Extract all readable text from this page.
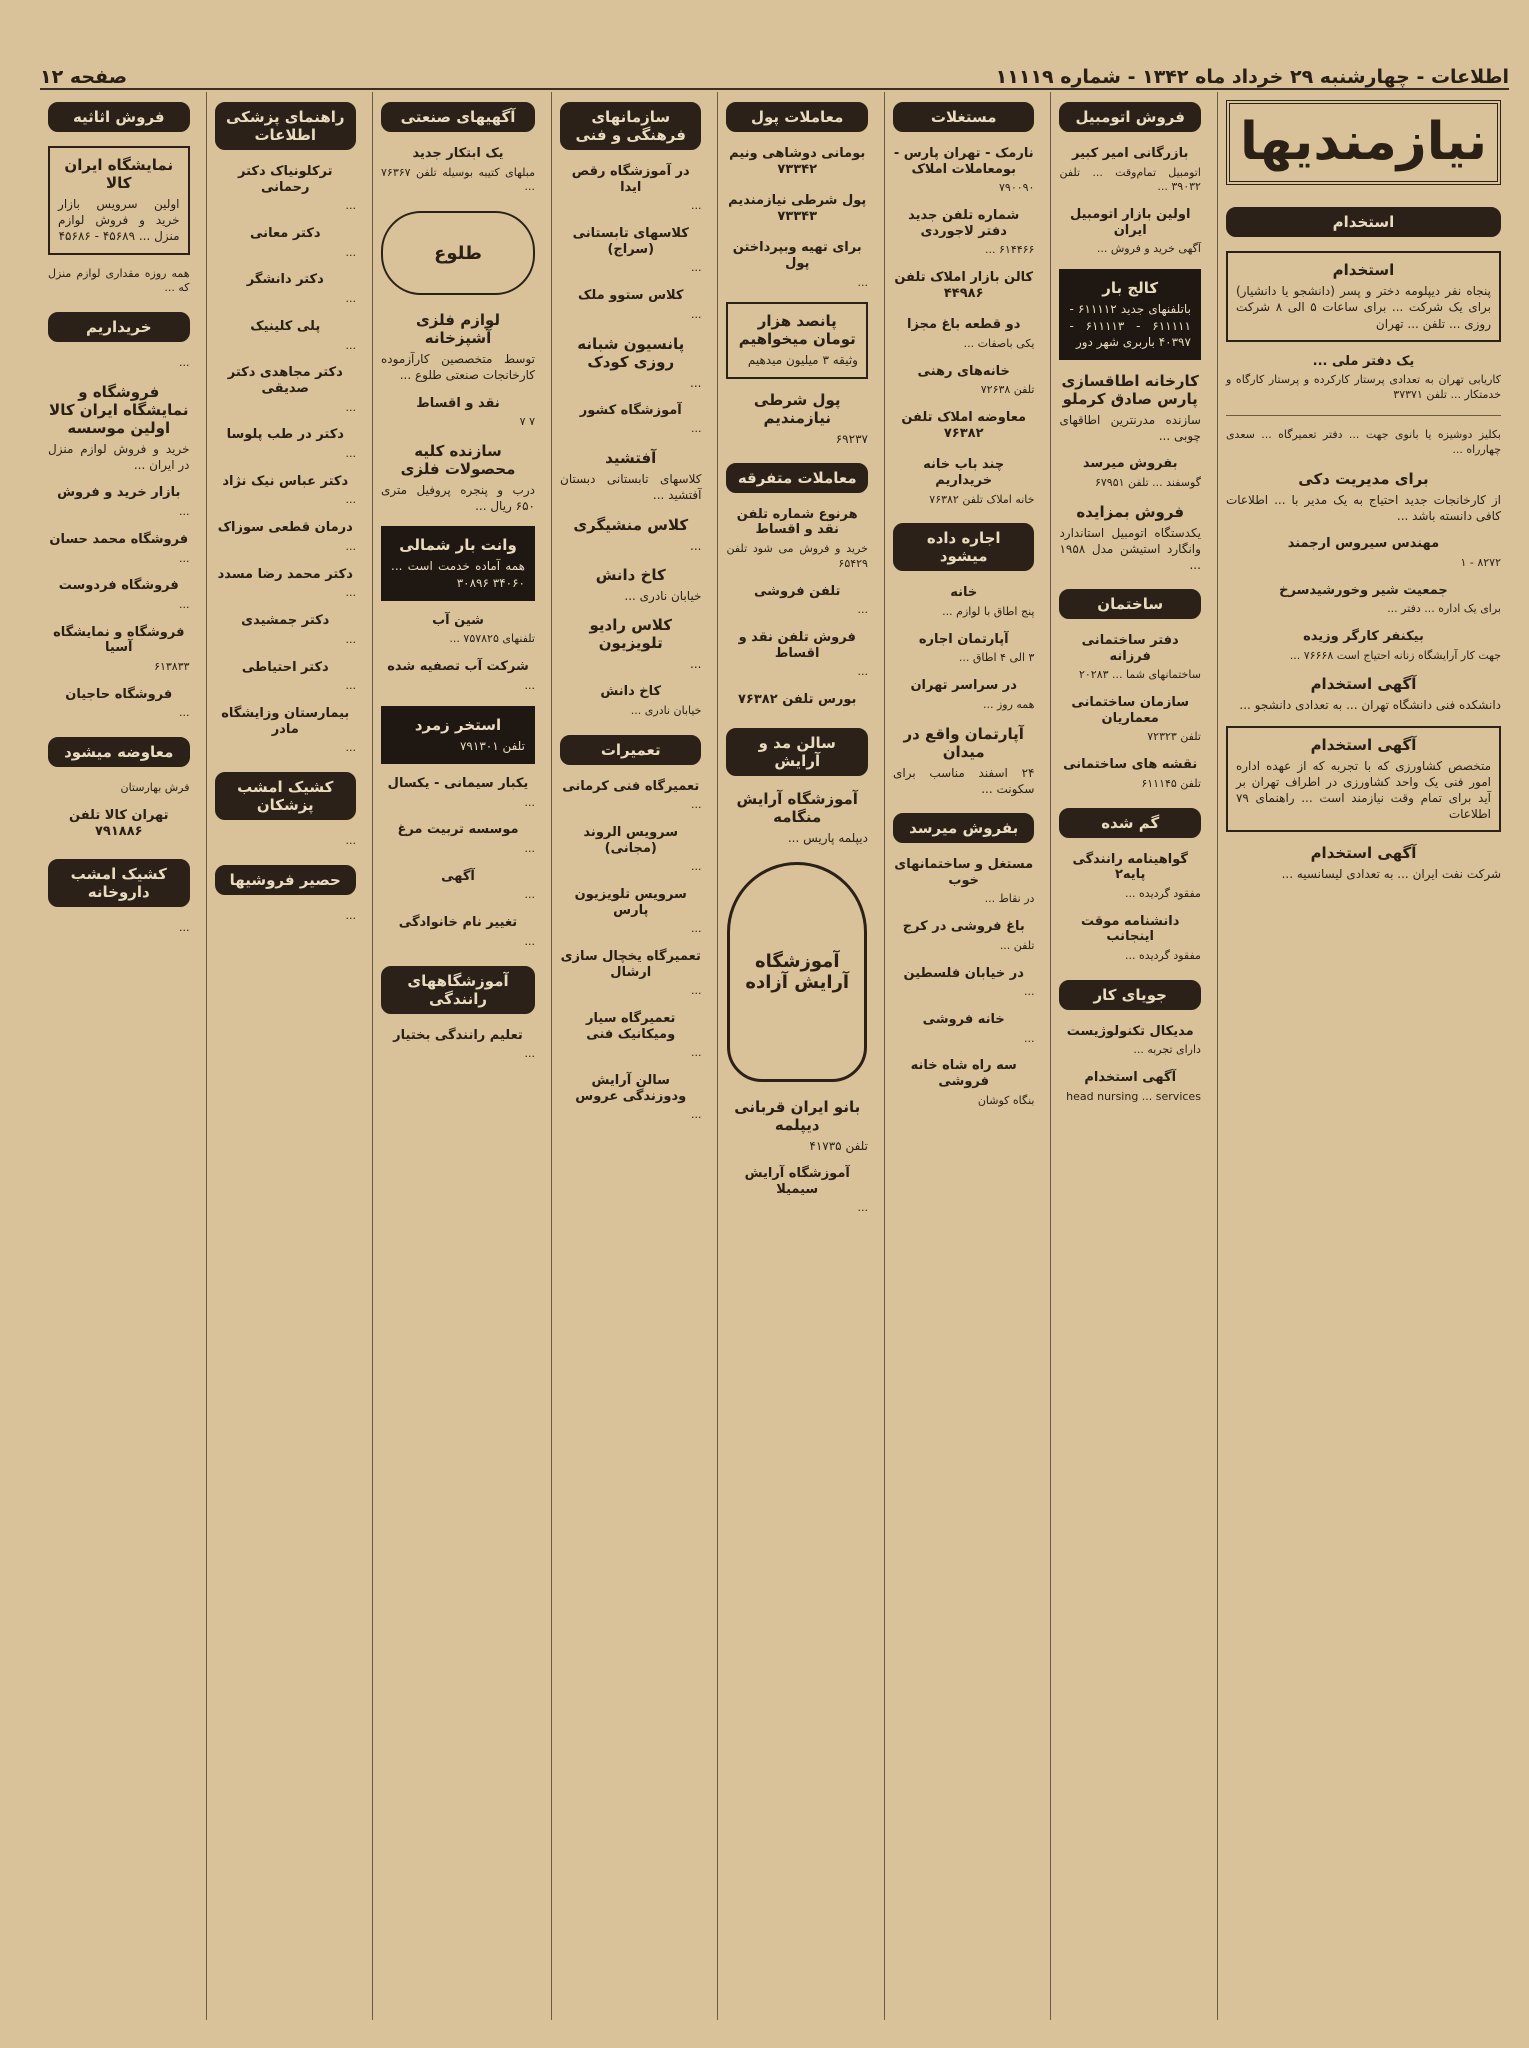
اطلاعات - چهارشنبه ۲۹ خرداد ماه ۱۳۴۲ - شماره ۱۱۱۱۹
صفحه ۱۲
نیازمندیها
استخدام
استخدام
پنجاه نفر دیپلومه دختر و پسر (دانشجو یا دانشیار) برای یک شرکت ... برای ساعات ۵ الی ۸ شرکت روزی ... تلفن ... تهران
یک دفتر ملی ...
کاریابی تهران به تعدادی پرستار کارکرده و پرستار کارگاه و خدمتکار ... تلفن ۳۷۳۷۱
بکلیز دوشیزه یا بانوی جهت ... دفتر تعمیرگاه ... سعدی چهارراه ...
برای مدیریت دکی
از کارخانجات جدید احتیاج به یک مدیر با ... اطلاعات کافی دانسته باشد ...
مهندس سیروس ارجمند
۸۲۷۲ - ۱
جمعیت شیر وخورشیدسرخ
برای یک اداره ... دفتر ...
بیکنفر کارگر وزیده
جهت کار آرایشگاه زنانه احتیاج است ۷۶۶۶۸ ...
آگهی استخدام
دانشکده فنی دانشگاه تهران ... به تعدادی دانشجو ...
آگهی استخدام
متخصص کشاورزی که با تجربه که از عهده اداره امور فنی یک واحد کشاورزی در اطراف تهران بر آید برای تمام وقت نیازمند است ... راهنمای ۷۹ اطلاعات
آگهی استخدام
شرکت نفت ایران ... به تعدادی لیسانسیه ...
فروش اتومبیل
بازرگانی امیر کبیر
اتومبیل تمام‌وقت ... تلفن ۳۹۰۳۲ ...
اولین بازار اتومبیل ایران
آگهی خرید و فروش ...
کالج بار
باتلفنهای جدید ۶۱۱۱۱۲ - ۶۱۱۱۱۱ - ۶۱۱۱۱۳ - ۴۰۳۹۷ باربری شهر دور
کارخانه اطاقسازی پارس صادق کرملو
سازنده مدرنترین اطاقهای چوبی ...
بفروش میرسد
گوسفند ... تلفن ۶۷۹۵۱
فروش بمزایده
یکدستگاه اتومبیل استاندارد وانگارد استیشن مدل ۱۹۵۸ ...
ساختمان
دفتر ساختمانی فرزانه
ساختمانهای شما ... ۲۰۲۸۳
سازمان ساختمانی معماریان
تلفن ۷۲۳۲۳
نقشه های ساختمانی
تلفن ۶۱۱۱۴۵
گم شده
گواهینامه رانندگی پایه۲
مفقود گردیده ...
دانشنامه موقت اینجانب
مفقود گردیده ...
جویای کار
مدیکال تکنولوژیست
دارای تجربه ...
آگهی استخدام
head nursing ... services
مستغلات
نارمک - تهران پارس - بومعاملات املاک
۷۹۰۰۹۰
شماره تلفن جدید دفتر لاجوردی
۶۱۴۴۶۶ ...
کالن بازار املاک تلفن ۴۴۹۸۶
دو قطعه باغ مجزا
یکی باصفات ...
خانه‌های رهنی
تلفن ۷۲۶۳۸
معاوضه املاک تلفن ۷۶۳۸۲
چند باب خانه خریداریم
خانه املاک تلفن ۷۶۳۸۲
اجاره داده میشود
خانه
پنج اطاق با لوازم ...
آپارتمان اجاره
۳ الی ۴ اطاق ...
در سراسر تهران
همه روز ...
آپارتمان واقع در میدان
۲۴ اسفند مناسب برای سکونت ...
بفروش میرسد
مستغل و ساختمانهای خوب
در نقاط ...
باغ فروشی در کرج
تلفن ...
در خیابان فلسطین
...
خانه فروشی
...
سه راه شاه خانه فروشی
بنگاه کوشان
معاملات پول
بومانی دوشاهی ونیم ۷۳۳۴۲
پول شرطی نیازمندیم ۷۳۳۴۳
برای تهیه وبپرداختن پول
...
پانصد هزار تومان میخواهیم
وثیقه ۳ میلیون میدهیم
پول شرطی نیازمندیم
۶۹۲۳۷
معاملات متفرقه
هرنوع شماره تلفن نقد و اقساط
خرید و فروش می شود تلفن ۶۵۴۲۹
تلفن فروشی
...
فروش تلفن نقد و اقساط
...
بورس تلفن ۷۶۳۸۲
سالن مد و آرایش
آموزشگاه آرایش منگامه
دیپلمه پاریس ...
آموزشگاه آرایش آزاده
بانو ایران قربانی دیپلمه
تلفن ۴۱۷۳۵
آموزشگاه آرایش سیمیلا
...
سازمانهای فرهنگی و فنی
در آموزشگاه رقص ایدا
...
کلاسهای تابستانی (سراج)
...
کلاس ستوو ملک
...
پانسیون شبانه روزی کودک
...
آموزشگاه کشور
...
آفتشید
کلاسهای تابستانی دبستان آفتشید ...
کلاس منشیگری
...
کاخ دانش
خیابان نادری ...
کلاس رادیو تلویزیون
...
کاخ دانش
خیابان نادری ...
تعمیرات
تعمیرگاه فنی کرمانی
...
سرویس الروند (مجانی)
...
سرویس تلویزیون پارس
...
تعمیرگاه یخچال سازی ارشال
...
تعمیرگاه سیار ومیکانیک فنی
...
سالن آرایش ودوزندگی عروس
...
آگهیهای صنعتی
یک ابتکار جدید
مبلهای کتیبه بوسیله تلفن ۷۶۳۶۷ ...
طلوع
لوازم فلزی آشپزخانه
توسط متخصصین کارآزموده کارخانجات صنعتی طلوع ...
نقد و اقساط
۷ ۷
سازنده کلیه محصولات فلزی
درب و پنجره پروفیل متری ۶۵۰ ریال ...
وانت بار شمالی
همه آماده خدمت است ... ۳۴۰۶۰ ۳۰۸۹۶
شین آب
تلفنهای ۷۵۷۸۲۵ ...
شرکت آب تصفیه شده
...
استخر زمرد
تلفن ۷۹۱۳۰۱
یکبار سیمانی - یکسال
...
موسسه تربیت مرغ
...
آگهی
...
تغییر نام خانوادگی
...
آموزشگاههای رانندگی
تعلیم رانندگی بختیار
...
راهنمای پزشکی اطلاعات
ترکلونیاک دکتر رحمانی
...
دکتر معانی
...
دکتر دانشگر
...
پلی کلینیک
...
دکتر مجاهدی دکتر صدیقی
...
دکتر در طب پلوسا
...
دکتر عباس نیک نژاد
...
درمان قطعی سوزاک
...
دکتر محمد رضا مسدد
...
دکتر جمشیدی
...
دکتر احتیاطی
...
بیمارستان وزایشگاه مادر
...
کشیک امشب پزشکان
...
حصیر فروشیها
...
فروش اثاثیه
نمایشگاه ایران کالا
اولین سرویس بازار خرید و فروش لوازم منزل ... ۴۵۶۸۹ - ۴۵۶۸۶
همه روزه مقداری لوازم منزل که ...
خریداریم
...
فروشگاه و نمایشگاه ایران کالا اولین موسسه
خرید و فروش لوازم منزل در ایران ...
بازار خرید و فروش
...
فروشگاه محمد حسان
...
فروشگاه فردوست
...
فروشگاه و نمایشگاه آسیا
۶۱۳۸۳۳
فروشگاه حاجیان
...
معاوضه میشود
فرش بهارستان
تهران کالا تلفن ۷۹۱۸۸۶
کشیک امشب داروخانه
...
